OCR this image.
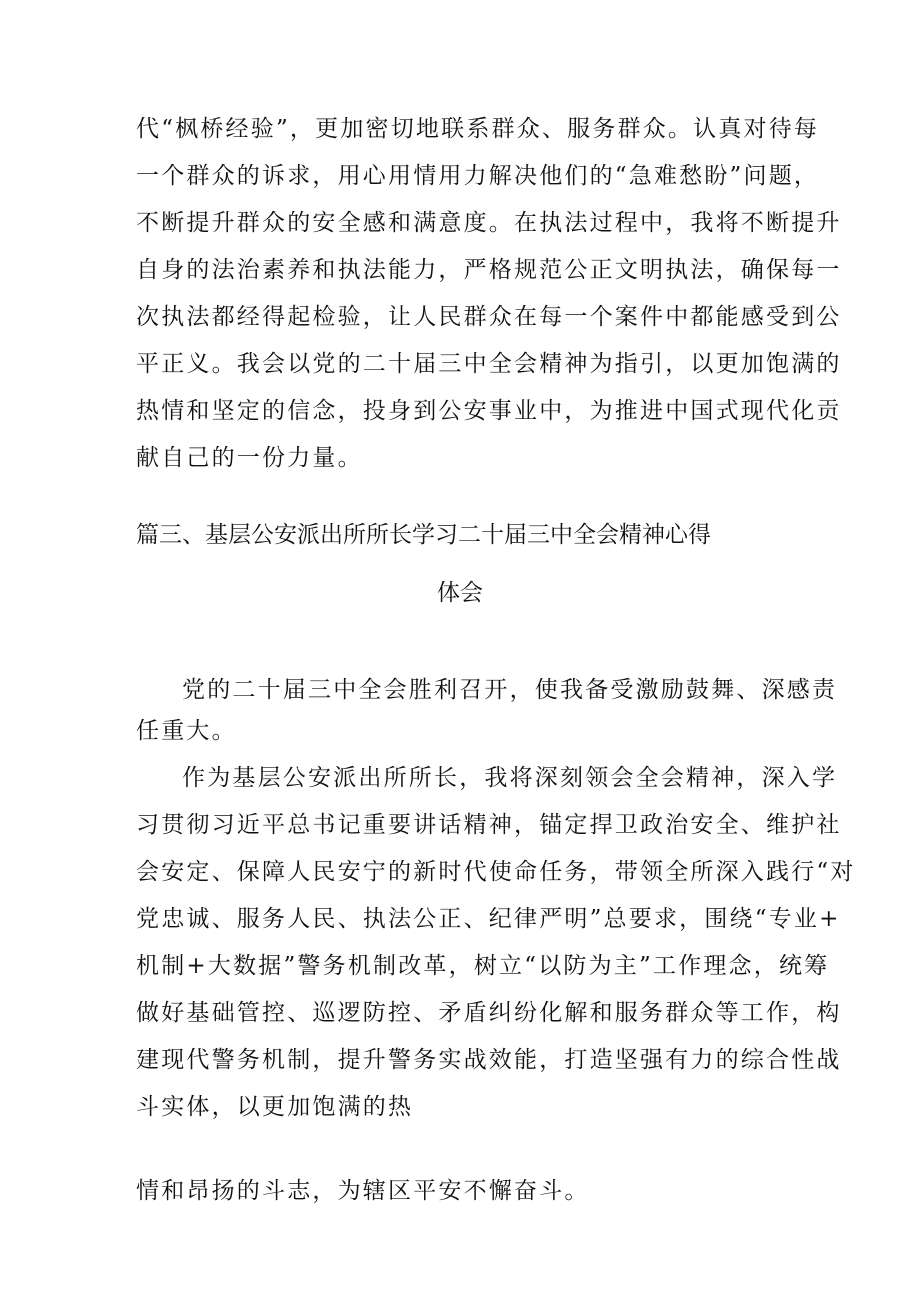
代“枫桥经验”，更加密切地联系群众、服务群众。认真对待每
一个群众的诉求，用心用情用力解决他们的“急难愁盼”问题，
不断提升群众的安全感和满意度。在执法过程中，我将不断提升
自身的法治素养和执法能力，严格规范公正文明执法，确保每一
次执法都经得起检验，让人民群众在每一个案件中都能感受到公
平正义。我会以党的二十届三中全会精神为指引，以更加饱满的
热情和坚定的信念，投身到公安事业中，为推进中国式现代化贡
献自己的一份力量。
篇三、基层公安派出所所长学习二十届三中全会精神心得
体会
党的二十届三中全会胜利召开，使我备受激励鼓舞、深感责
任重大。
作为基层公安派出所所长，我将深刻领会全会精神，深入学
习贯彻习近平总书记重要讲话精神，锚定捍卫政治安全、维护社
会安定、保障人民安宁的新时代使命任务，带领全所深入践行“对
党忠诚、服务人民、执法公正、纪律严明”总要求，围绕“专业+
机制+大数据”警务机制改革，树立“以防为主”工作理念，统筹
做好基础管控、巡逻防控、矛盾纠纷化解和服务群众等工作，构
建现代警务机制，提升警务实战效能，打造坚强有力的综合性战
斗实体，以更加饱满的热
情和昂扬的斗志，为辖区平安不懈奋斗。
